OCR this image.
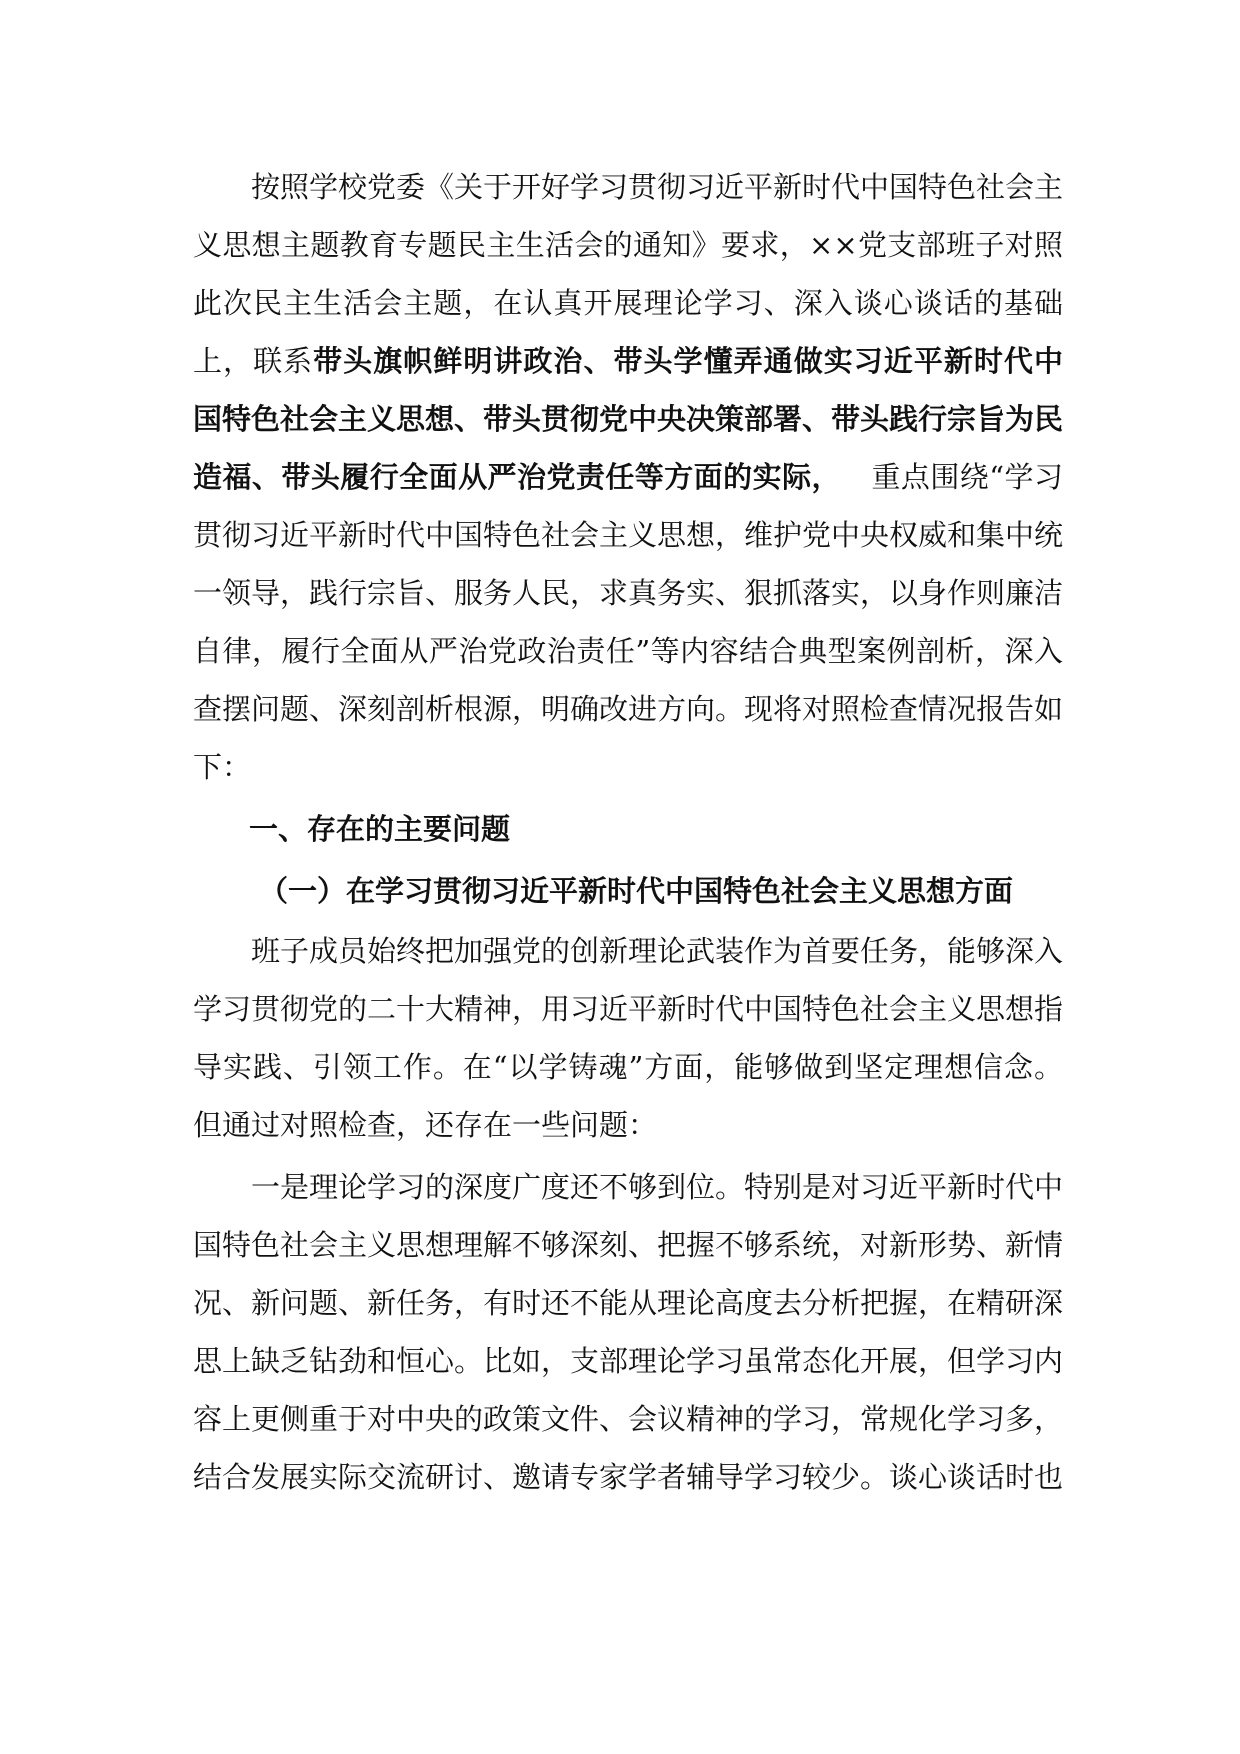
按照学校党委《关于开好学习贯彻习近平新时代中国特色社会主义思想主题教育专题民主生活会的通知》要求，××党支部班子对照此次民主生活会主题，在认真开展理论学习、深入谈心谈话的基础上，联系带头旗帜鲜明讲政治、带头学懂弄通做实习近平新时代中国特色社会主义思想、带头贯彻党中央决策部署、带头践行宗旨为民造福、带头履行全面从严治党责任等方面的实际， 重点围绕“学习贯彻习近平新时代中国特色社会主义思想，维护党中央权威和集中统一领导，践行宗旨、服务人民，求真务实、狠抓落实，以身作则廉洁自律，履行全面从严治党政治责任”等内容结合典型案例剖析，深入查摆问题、深刻剖析根源，明确改进方向。现将对照检查情况报告如下：

一、存在的主要问题
（一）在学习贯彻习近平新时代中国特色社会主义思想方面

班子成员始终把加强党的创新理论武装作为首要任务，能够深入学习贯彻党的二十大精神，用习近平新时代中国特色社会主义思想指导实践、引领工作。在“以学铸魂”方面，能够做到坚定理想信念。但通过对照检查，还存在一些问题：

一是理论学习的深度广度还不够到位。特别是对习近平新时代中国特色社会主义思想理解不够深刻、把握不够系统，对新形势、新情况、新问题、新任务，有时还不能从理论高度去分析把握，在精研深思上缺乏钻劲和恒心。比如，支部理论学习虽常态化开展，但学习内容上更侧重于对中央的政策文件、会议精神的学习，常规化学习多，结合发展实际交流研讨、邀请专家学者辅导学习较少。谈心谈话时也
